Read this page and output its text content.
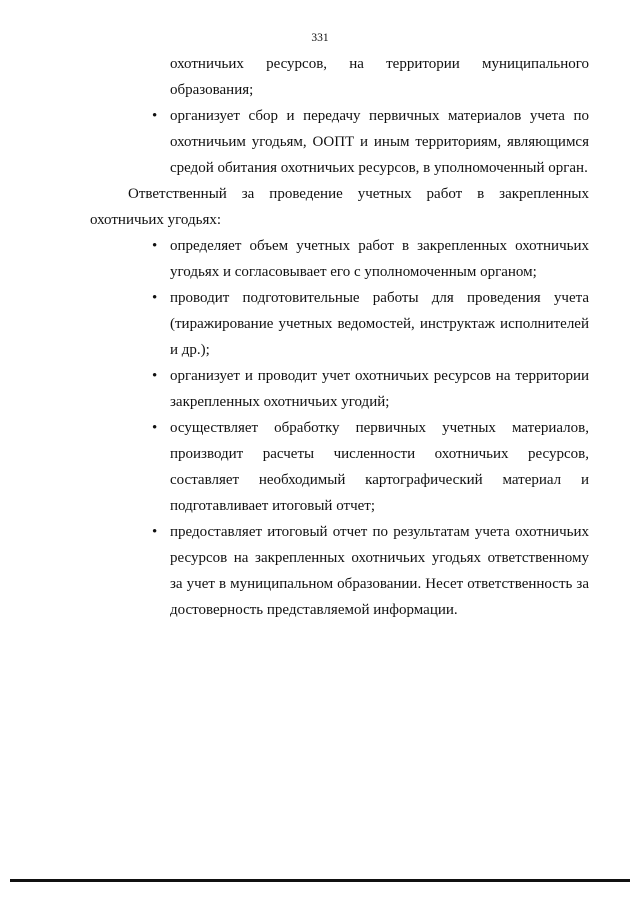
331

охотничьих ресурсов, на территории муниципального

образования;

• организует сбор и передачу первичных материалов учета по охотничьим угодьям, ООПТ и иным территориям, являющимся средой обитания охотничьих ресурсов, в уполномоченный орган.

Ответственный за проведение учетных работ в закрепленных охотничьих угодьях:

• определяет объем учетных работ в закрепленных охотничьих угодьях и согласовывает его с уполномоченным органом;

• проводит подготовительные работы для проведения учета (тиражирование учетных ведомостей, инструктаж исполнителей и др.);

• организует и проводит учет охотничьих ресурсов на территории закрепленных охотничьих угодий;

• осуществляет обработку первичных учетных материалов, производит расчеты численности охотничьих ресурсов, составляет необходимый картографический материал и подготавливает итоговый отчет;

• предоставляет итоговый отчет по результатам учета охотничьих ресурсов на закрепленных охотничьих угодьях ответственному за учет в муниципальном образовании. Несет ответственность за достоверность представляемой информации.
